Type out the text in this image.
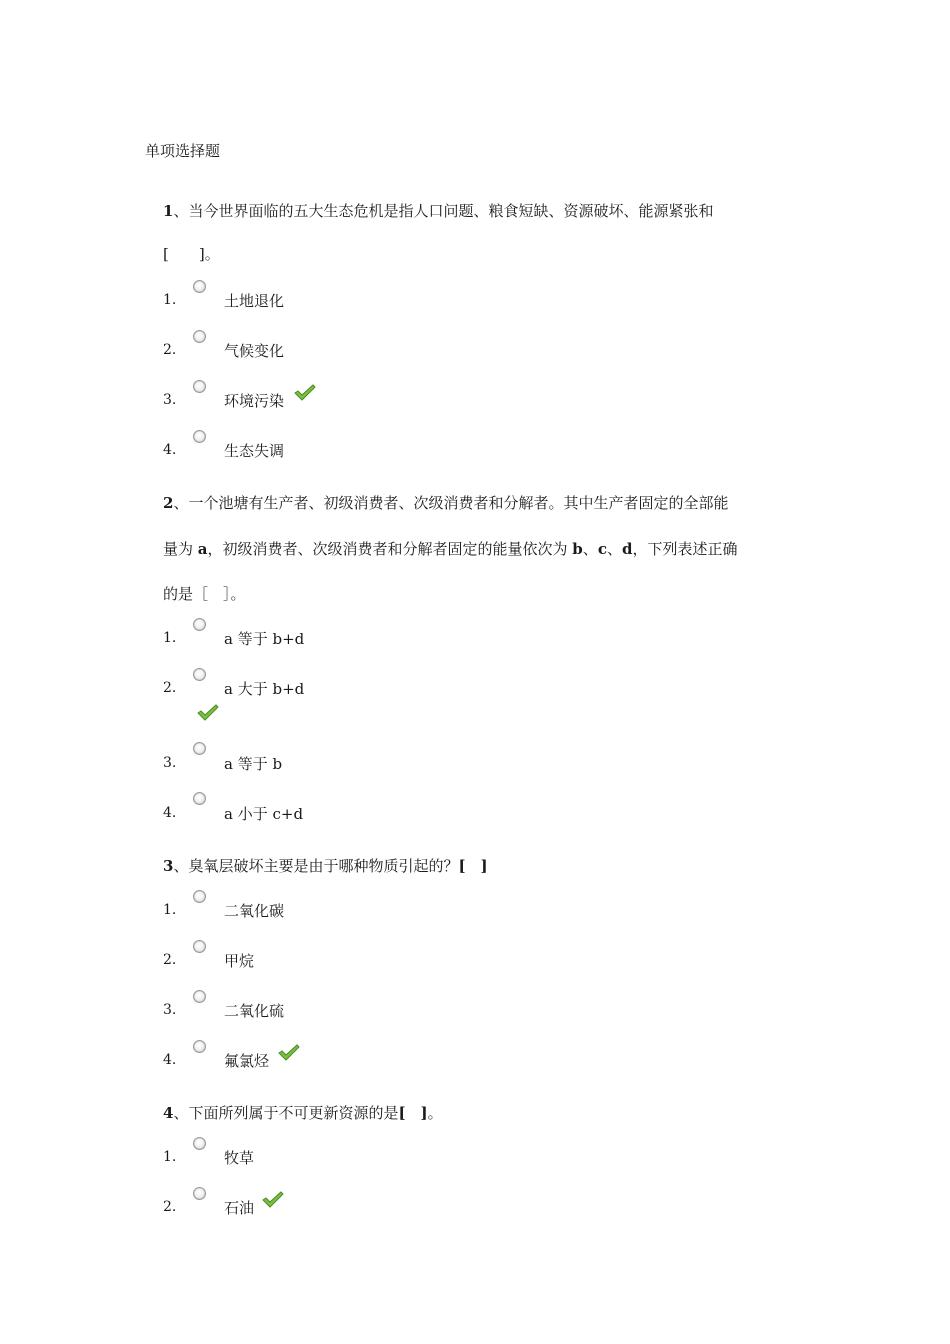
单项选择题
1、当今世界面临的五大生态危机是指人口问题、粮食短缺、资源破坏、能源紧张和
[　　]。
1.	土地退化
2.	气候变化
3.	环境污染
4.	生态失调
2、一个池塘有生产者、初级消费者、次级消费者和分解者。其中生产者固定的全部能
量为 a，初级消费者、次级消费者和分解者固定的能量依次为 b、c、d，下列表述正确
的是［　］。
1.	a 等于 b+d
2.	a 大于 b+d
3.	a 等于 b
4.	a 小于 c+d
3、臭氧层破坏主要是由于哪种物质引起的？[　]
1.	二氧化碳
2.	甲烷
3.	二氧化硫
4.	氟氯烃
4、下面所列属于不可更新资源的是[　]。
1.	牧草
2.	石油
